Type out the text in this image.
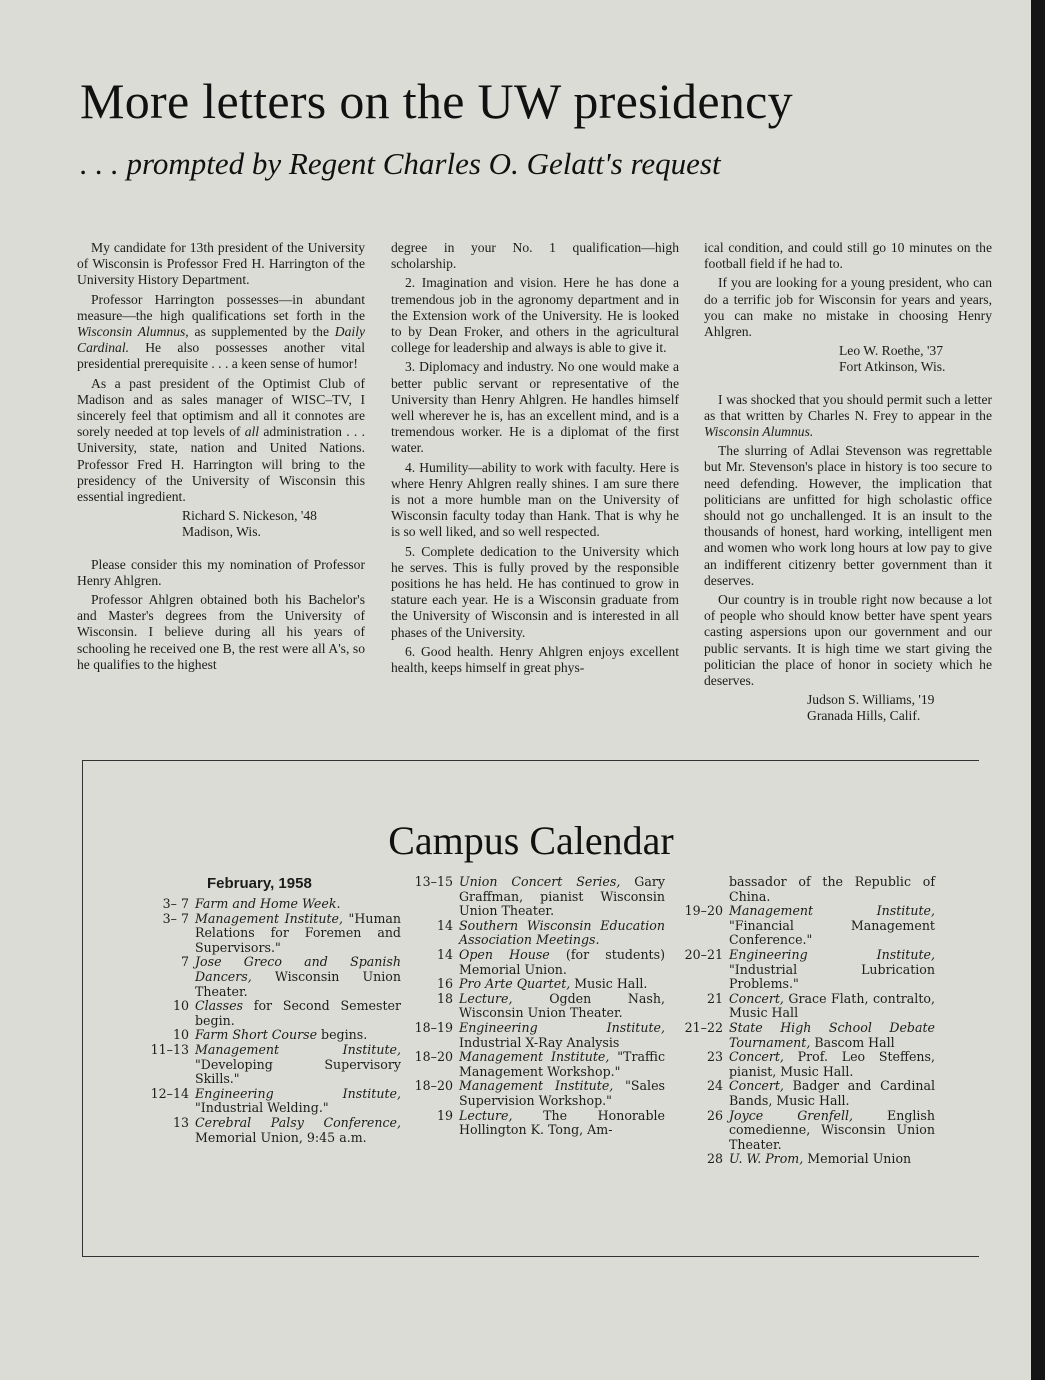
More letters on the UW presidency
. . . prompted by Regent Charles O. Gelatt's request

My candidate for 13th president of the University of Wisconsin is Professor Fred H. Harrington of the University History Department.

Professor Harrington possesses—in abundant measure—the high qualifications set forth in the Wisconsin Alumnus, as supplemented by the Daily Cardinal. He also possesses another vital presidential prerequisite . . . a keen sense of humor!

As a past president of the Optimist Club of Madison and as sales manager of WISC–TV, I sincerely feel that optimism and all it connotes are sorely needed at top levels of all administration . . . University, state, nation and United Nations. Professor Fred H. Harrington will bring to the presidency of the University of Wisconsin this essential ingredient.

Richard S. Nickeson, '48
Madison, Wis.

Please consider this my nomination of Professor Henry Ahlgren.

Professor Ahlgren obtained both his Bachelor's and Master's degrees from the University of Wisconsin. I believe during all his years of schooling he received one B, the rest were all A's, so he qualifies to the highest

degree in your No. 1 qualification—high scholarship.

2. Imagination and vision. Here he has done a tremendous job in the agronomy department and in the Extension work of the University. He is looked to by Dean Froker, and others in the agricultural college for leadership and always is able to give it.

3. Diplomacy and industry. No one would make a better public servant or representative of the University than Henry Ahlgren. He handles himself well wherever he is, has an excellent mind, and is a tremendous worker. He is a diplomat of the first water.

4. Humility—ability to work with faculty. Here is where Henry Ahlgren really shines. I am sure there is not a more humble man on the University of Wisconsin faculty today than Hank. That is why he is so well liked, and so well respected.

5. Complete dedication to the University which he serves. This is fully proved by the responsible positions he has held. He has continued to grow in stature each year. He is a Wisconsin graduate from the University of Wisconsin and is interested in all phases of the University.

6. Good health. Henry Ahlgren enjoys excellent health, keeps himself in great phys-

ical condition, and could still go 10 minutes on the football field if he had to.

If you are looking for a young president, who can do a terrific job for Wisconsin for years and years, you can make no mistake in choosing Henry Ahlgren.

Leo W. Roethe, '37
Fort Atkinson, Wis.

I was shocked that you should permit such a letter as that written by Charles N. Frey to appear in the Wisconsin Alumnus.

The slurring of Adlai Stevenson was regrettable but Mr. Stevenson's place in history is too secure to need defending. However, the implication that politicians are unfitted for high scholastic office should not go unchallenged. It is an insult to the thousands of honest, hard working, intelligent men and women who work long hours at low pay to give an indifferent citizenry better government than it deserves.

Our country is in trouble right now because a lot of people who should know better have spent years casting aspersions upon our government and our public servants. It is high time we start giving the politician the place of honor in society which he deserves.

Judson S. Williams, '19
Granada Hills, Calif.

Campus Calendar
February, 1958
3– 7 Farm and Home Week.
3– 7 Management Institute, "Human Relations for Foremen and Supervisors."
7 Jose Greco and Spanish Dancers, Wisconsin Union Theater.
10 Classes for Second Semester begin.
10 Farm Short Course begins.
11–13 Management Institute, "Developing Supervisory Skills."
12–14 Engineering Institute, "Industrial Welding."
13 Cerebral Palsy Conference, Memorial Union, 9:45 a.m.
13–15 Union Concert Series, Gary Graffman, pianist Wisconsin Union Theater.
14 Southern Wisconsin Education Association Meetings.
14 Open House (for students) Memorial Union.
16 Pro Arte Quartet, Music Hall.
18 Lecture, Ogden Nash, Wisconsin Union Theater.
18–19 Engineering Institute, Industrial X-Ray Analysis
18–20 Management Institute, "Traffic Management Workshop."
18–20 Management Institute, "Sales Supervision Workshop."
19 Lecture, The Honorable Hollington K. Tong, Am-
bassador of the Republic of China.
19–20 Management Institute, "Financial Management Conference."
20–21 Engineering Institute, "Industrial Lubrication Problems."
21 Concert, Grace Flath, contralto, Music Hall
21–22 State High School Debate Tournament, Bascom Hall
23 Concert, Prof. Leo Steffens, pianist, Music Hall.
24 Concert, Badger and Cardinal Bands, Music Hall.
26 Joyce Grenfell, English comedienne, Wisconsin Union Theater.
28 U. W. Prom, Memorial Union
